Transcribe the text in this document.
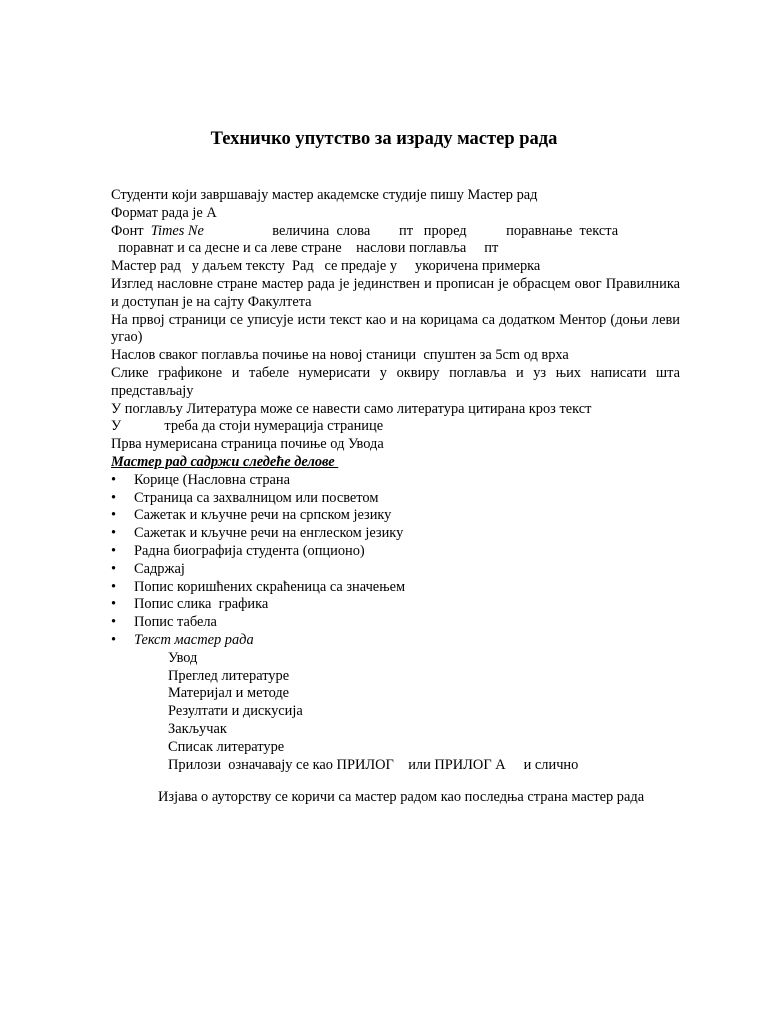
Техничко упутство за израду мастер рада

Студенти који завршавају мастер академске студије пишу Мастер рад

Формат рада је А

Фонт  Times Ne                   величина  слова        пт   проред           поравнање  текста

поравнат и са десне и са леве стране    наслови поглавља     пт

Мастер рад   у даљем тексту  Рад   се предаје у     укоричена примерка

Изглед насловне стране мастер рада је јединствен и прописан је обрасцем овог Правилника и доступан је на сајту Факултета

На првој страници се уписује исти текст као и на корицама са додатком Ментор (доњи леви угао)

Наслов сваког поглавља почиње на новој станици  спуштен за 5cm од врха

Слике графиконе и табеле нумерисати у оквиру поглавља и уз њих написати шта представљају

У поглављу Литература може се навести само литература цитирана кроз текст

У            треба да стоји нумерација странице

Прва нумерисана страница почиње од Увода

Мастер рад садржи следеће делове

• Корице (Насловна страна
• Страница са захвалницом или посветом
• Сажетак и кључне речи на српском језику
• Сажетак и кључне речи на енглеском језику
• Радна биографија студента (опционо)
• Садржај
• Попис коришћених скраћеница са значењем
• Попис слика  графика
• Попис табела
• Текст мастер рада

Увод

Преглед литературе

Материјал и методе

Резултати и дискусија

Закључак

Списак литературе

Прилози  означавају се као ПРИЛОГ    или ПРИЛОГ А     и слично

Изјава о ауторству се коричи са мастер радом као последња страна мастер рада
